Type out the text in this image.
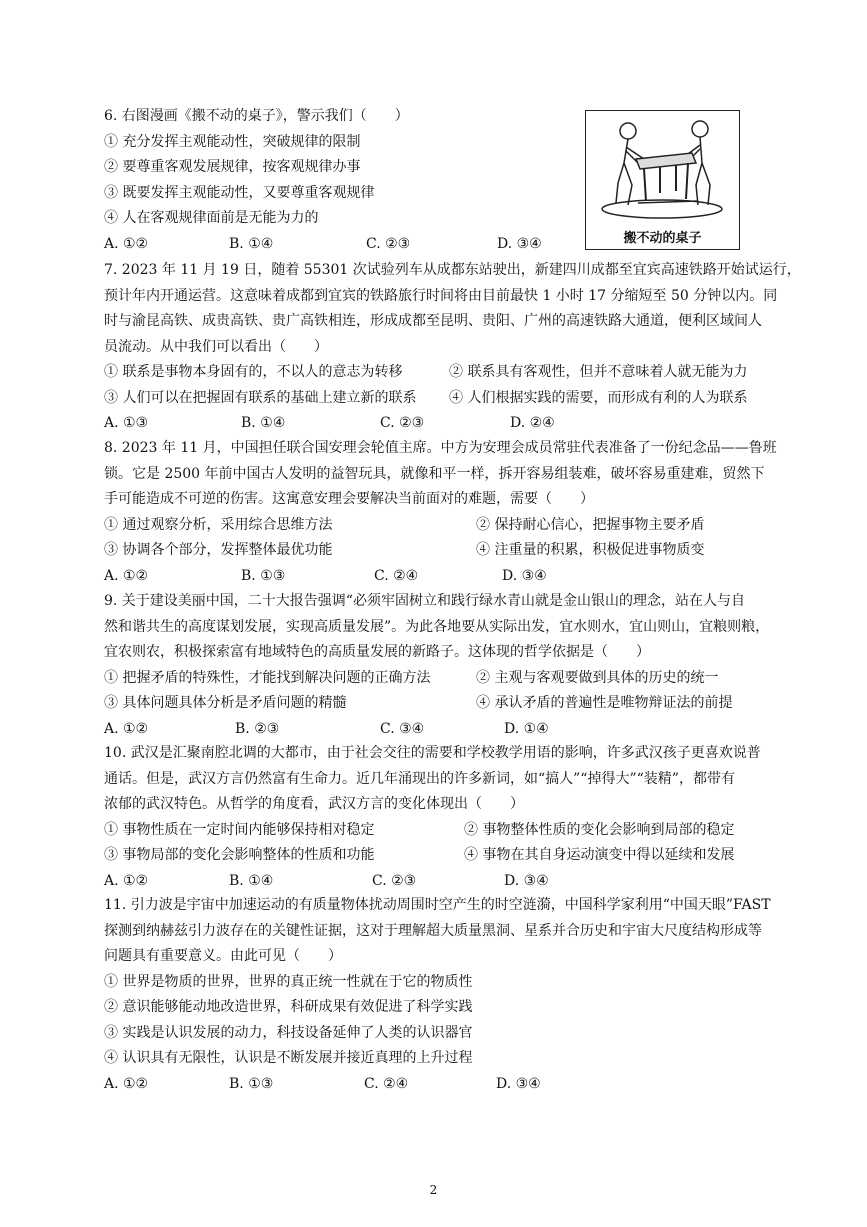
6. 右图漫画《搬不动的桌子》，警示我们（　　）
① 充分发挥主观能动性，突破规律的限制
② 要尊重客观发展规律，按客观规律办事
③ 既要发挥主观能动性，又要尊重客观规律
④ 人在客观规律面前是无能为力的
A. ①②	B. ①④	C. ②③	D. ③④	搬不动的桌子
7. 2023 年 11 月 19 日，随着 55301 次试验列车从成都东站驶出，新建四川成都至宜宾高速铁路开始试运行，
预计年内开通运营。这意味着成都到宜宾的铁路旅行时间将由目前最快 1 小时 17 分缩短至 50 分钟以内。同
时与渝昆高铁、成贵高铁、贵广高铁相连，形成成都至昆明、贵阳、广州的高速铁路大通道，便利区域间人
员流动。从中我们可以看出（　　）
① 联系是事物本身固有的，不以人的意志为转移	② 联系具有客观性，但并不意味着人就无能为力
③ 人们可以在把握固有联系的基础上建立新的联系 ④ 人们根据实践的需要，而形成有利的人为联系
A. ①③	B. ①④	C. ②③	D. ②④
8. 2023 年 11 月，中国担任联合国安理会轮值主席。中方为安理会成员常驻代表准备了一份纪念品——鲁班
锁。它是 2500 年前中国古人发明的益智玩具，就像和平一样，拆开容易组装难，破坏容易重建难，贸然下
手可能造成不可逆的伤害。这寓意安理会要解决当前面对的难题，需要（　　）
① 通过观察分析，采用综合思维方法	② 保持耐心信心，把握事物主要矛盾
③ 协调各个部分，发挥整体最优功能	④ 注重量的积累，积极促进事物质变
A. ①②	B. ①③	C. ②④	D. ③④
9. 关于建设美丽中国，二十大报告强调“必须牢固树立和践行绿水青山就是金山银山的理念，站在人与自
然和谐共生的高度谋划发展，实现高质量发展”。为此各地要从实际出发，宜水则水，宜山则山，宜粮则粮，
宜农则农，积极探索富有地域特色的高质量发展的新路子。这体现的哲学依据是（　　）
① 把握矛盾的特殊性，才能找到解决问题的正确方法	② 主观与客观要做到具体的历史的统一
③ 具体问题具体分析是矛盾问题的精髓	④ 承认矛盾的普遍性是唯物辩证法的前提
A. ①②	B. ②③	C. ③④	D. ①④
10. 武汉是汇聚南腔北调的大都市，由于社会交往的需要和学校教学用语的影响，许多武汉孩子更喜欢说普
通话。但是，武汉方言仍然富有生命力。近几年涌现出的许多新词，如“搞人”“掉得大”“装精”，都带有
浓郁的武汉特色。从哲学的角度看，武汉方言的变化体现出（　　）
① 事物性质在一定时间内能够保持相对稳定	② 事物整体性质的变化会影响到局部的稳定
③ 事物局部的变化会影响整体的性质和功能	④ 事物在其自身运动演变中得以延续和发展
A. ①②	B. ①④	C. ②③	D. ③④
11. 引力波是宇宙中加速运动的有质量物体扰动周围时空产生的时空涟漪，中国科学家利用“中国天眼”FAST
探测到纳赫兹引力波存在的关键性证据，这对于理解超大质量黑洞、星系并合历史和宇宙大尺度结构形成等
问题具有重要意义。由此可见（　　）
① 世界是物质的世界，世界的真正统一性就在于它的物质性
② 意识能够能动地改造世界，科研成果有效促进了科学实践
③ 实践是认识发展的动力，科技设备延伸了人类的认识器官
④ 认识具有无限性，认识是不断发展并接近真理的上升过程
A. ①②	B. ①③	C. ②④	D. ③④
2
